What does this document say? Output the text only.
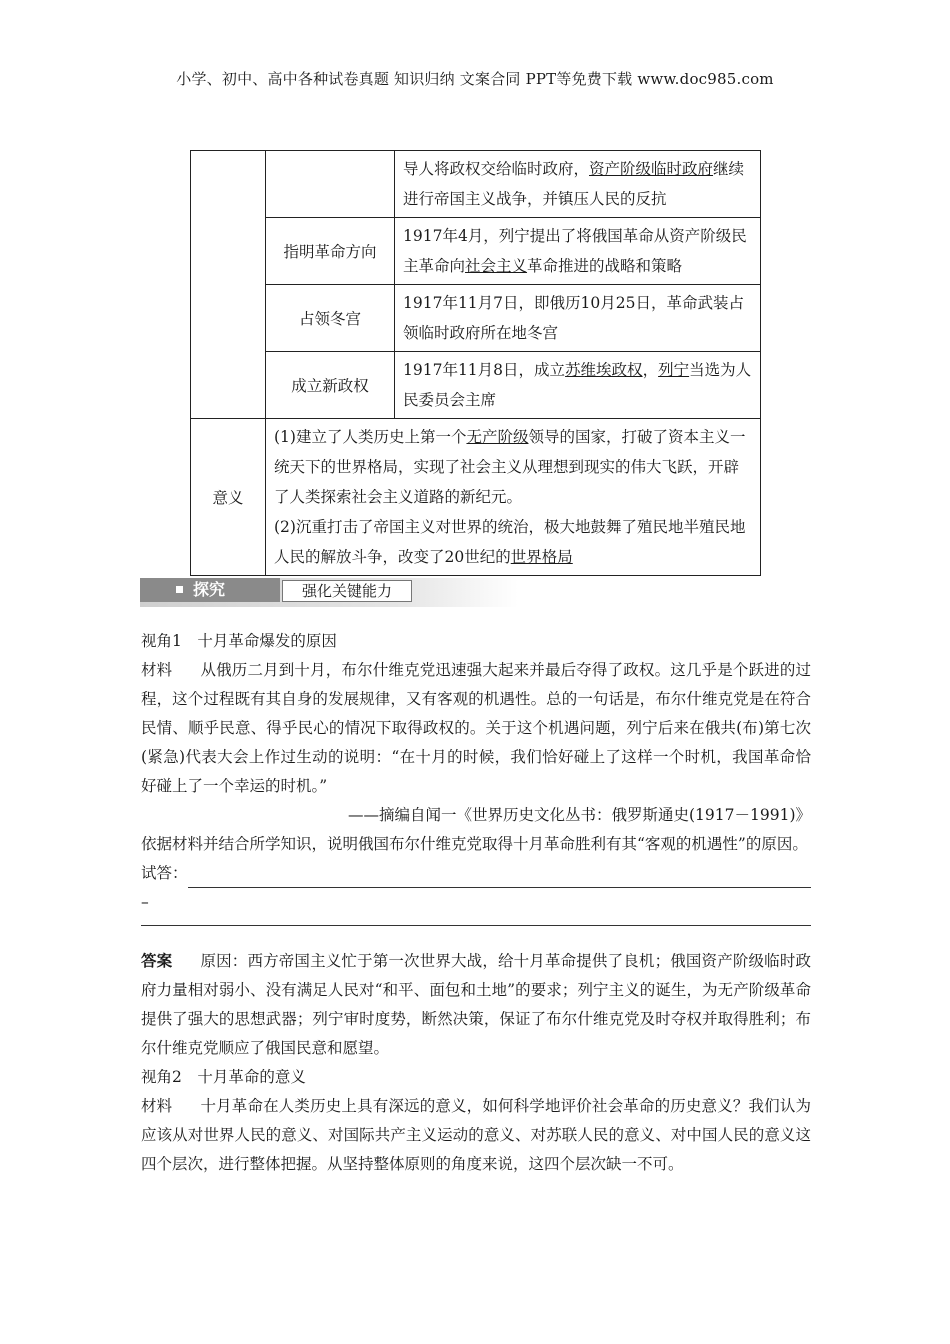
小学、初中、高中各种试卷真题 知识归纳 文案合同 PPT等免费下载 www.doc985.com
		导人将政权交给临时政府，资产阶级临时政府继续进行帝国主义战争，并镇压人民的反抗
	指明革命方向	1917年4月，列宁提出了将俄国革命从资产阶级民主革命向社会主义革命推进的战略和策略
	占领冬宫	1917年11月7日，即俄历10月25日，革命武装占领临时政府所在地冬宫
	成立新政权	1917年11月8日，成立苏维埃政权，列宁当选为人民委员会主席
意义	(1)建立了人类历史上第一个无产阶级领导的国家，打破了资本主义一统天下的世界格局，实现了社会主义从理想到现实的伟大飞跃，开辟了人类探索社会主义道路的新纪元。
(2)沉重打击了帝国主义对世界的统治，极大地鼓舞了殖民地半殖民地人民的解放斗争，改变了20世纪的世界格局	
探究	强化关键能力
视角1　十月革命爆发的原因
材料 从俄历二月到十月，布尔什维克党迅速强大起来并最后夺得了政权。这几乎是个跃进的过程，这个过程既有其自身的发展规律，又有客观的机遇性。总的一句话是，布尔什维克党是在符合民情、顺乎民意、得乎民心的情况下取得政权的。关于这个机遇问题，列宁后来在俄共(布)第七次(紧急)代表大会上作过生动的说明：“在十月的时候，我们恰好碰上了这样一个时机，我国革命恰好碰上了一个幸运的时机。”
——摘编自闻一《世界历史文化丛书：俄罗斯通史(1917－1991)》
依据材料并结合所学知识，说明俄国布尔什维克党取得十月革命胜利有其“客观的机遇性”的原因。
试答：
–
答案 原因：西方帝国主义忙于第一次世界大战，给十月革命提供了良机；俄国资产阶级临时政府力量相对弱小、没有满足人民对“和平、面包和土地”的要求；列宁主义的诞生，为无产阶级革命提供了强大的思想武器；列宁审时度势，断然决策，保证了布尔什维克党及时夺权并取得胜利；布尔什维克党顺应了俄国民意和愿望。
视角2　十月革命的意义
材料 十月革命在人类历史上具有深远的意义，如何科学地评价社会革命的历史意义？我们认为应该从对世界人民的意义、对国际共产主义运动的意义、对苏联人民的意义、对中国人民的意义这四个层次，进行整体把握。从坚持整体原则的角度来说，这四个层次缺一不可。
